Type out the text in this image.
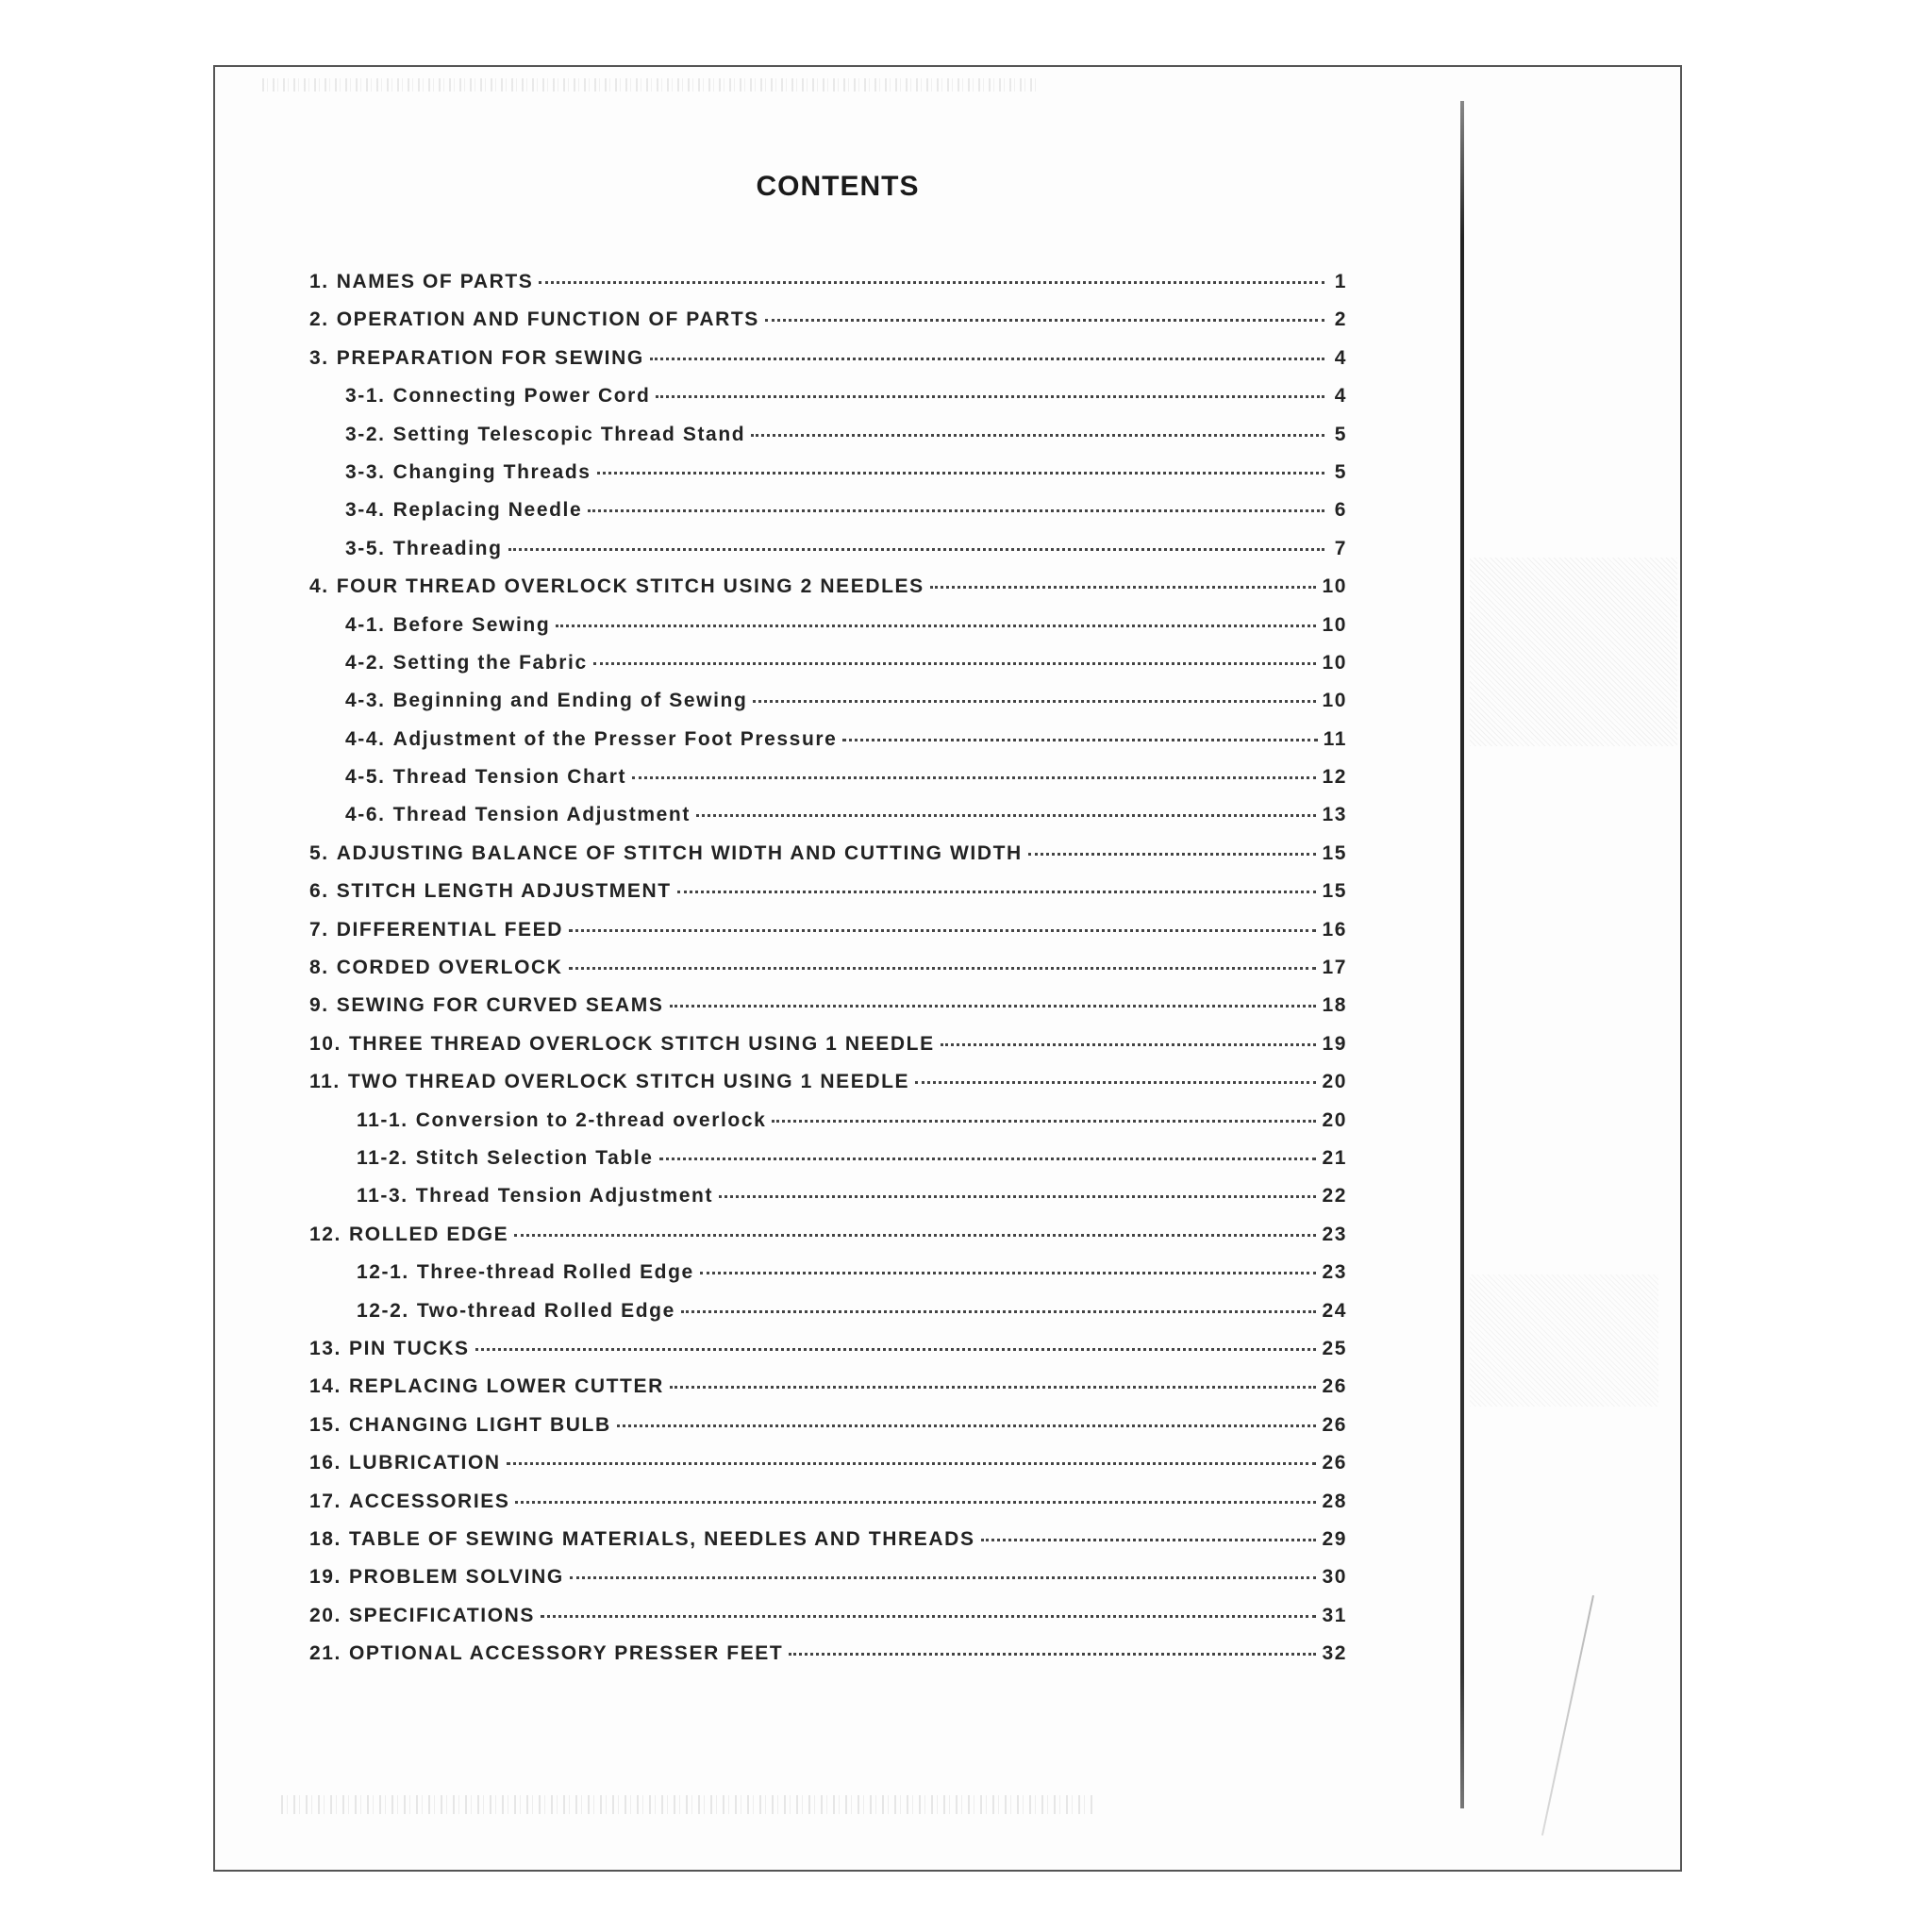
CONTENTS
1. NAMES OF PARTS	1
2. OPERATION AND FUNCTION OF PARTS	2
3. PREPARATION FOR SEWING	4
3-1. Connecting Power Cord	4
3-2. Setting Telescopic Thread Stand	5
3-3. Changing Threads	5
3-4. Replacing Needle	6
3-5. Threading	7
4. FOUR THREAD OVERLOCK STITCH USING 2 NEEDLES	10
4-1. Before Sewing	10
4-2. Setting the Fabric	10
4-3. Beginning and Ending of Sewing	10
4-4. Adjustment of the Presser Foot Pressure	11
4-5. Thread Tension Chart	12
4-6. Thread Tension Adjustment	13
5. ADJUSTING BALANCE OF STITCH WIDTH AND CUTTING WIDTH	15
6. STITCH LENGTH ADJUSTMENT	15
7. DIFFERENTIAL FEED	16
8. CORDED OVERLOCK	17
9. SEWING FOR CURVED SEAMS	18
10. THREE THREAD OVERLOCK STITCH USING 1 NEEDLE	19
11. TWO THREAD OVERLOCK STITCH USING 1 NEEDLE	20
11-1. Conversion to 2-thread overlock	20
11-2. Stitch Selection Table	21
11-3. Thread Tension Adjustment	22
12. ROLLED EDGE	23
12-1. Three-thread Rolled Edge	23
12-2. Two-thread Rolled Edge	24
13. PIN TUCKS	25
14. REPLACING LOWER CUTTER	26
15. CHANGING LIGHT BULB	26
16. LUBRICATION	26
17. ACCESSORIES	28
18. TABLE OF SEWING MATERIALS, NEEDLES AND THREADS	29
19. PROBLEM SOLVING	30
20. SPECIFICATIONS	31
21. OPTIONAL ACCESSORY PRESSER FEET	32
